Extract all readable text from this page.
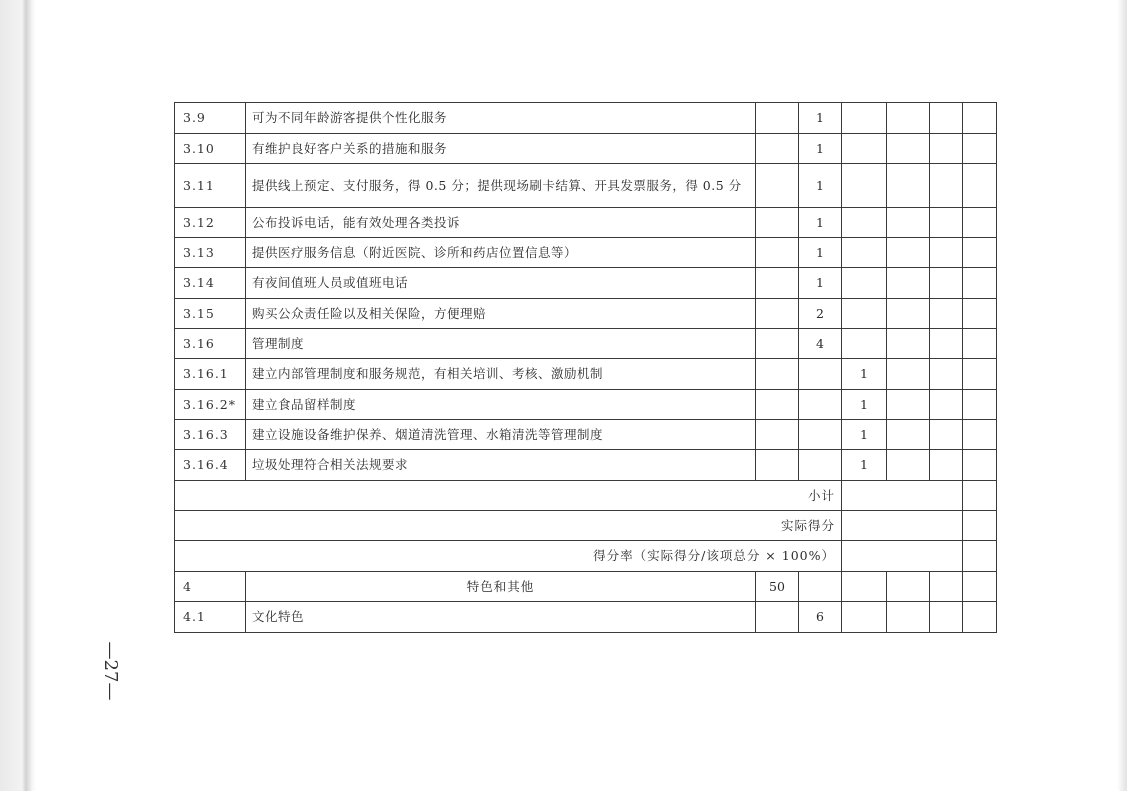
3.9	可为不同年龄游客提供个性化服务		1				
3.10	有维护良好客户关系的措施和服务		1				
3.11	提供线上预定、支付服务，得 0.5 分；提供现场刷卡结算、开具发票服务，得 0.5 分		1				
3.12	公布投诉电话，能有效处理各类投诉		1				
3.13	提供医疗服务信息（附近医院、诊所和药店位置信息等）		1				
3.14	有夜间值班人员或值班电话		1				
3.15	购买公众责任险以及相关保险，方便理赔		2				
3.16	管理制度		4				
3.16.1	建立内部管理制度和服务规范，有相关培训、考核、激励机制			1			
3.16.2*	建立食品留样制度			1			
3.16.3	建立设施设备维护保养、烟道清洗管理、水箱清洗等管理制度			1			
3.16.4	垃圾处理符合相关法规要求			1			
小计							
实际得分							
得分率（实际得分/该项总分 × 100%）							
4	特色和其他	50					
4.1	文化特色		6				
—27—
